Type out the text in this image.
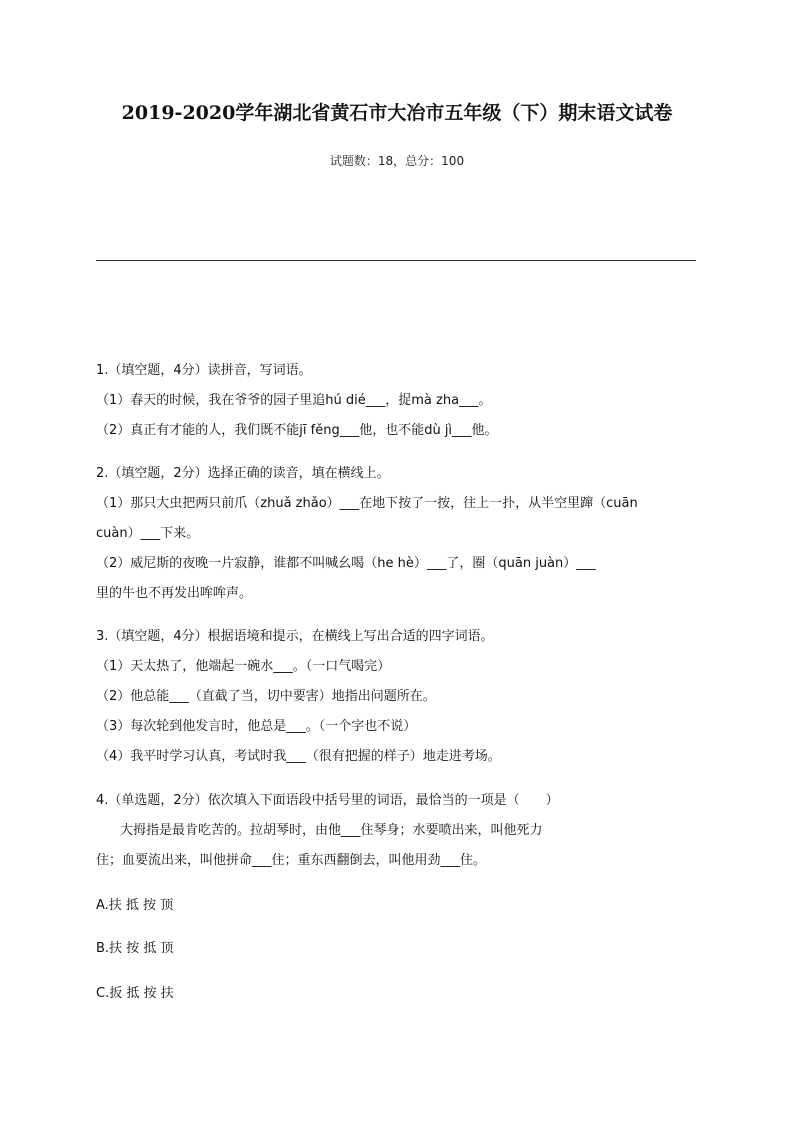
2019-2020学年湖北省黄石市大冶市五年级（下）期末语文试卷
试题数：18，总分：100
1.（填空题，4分）读拼音，写词语。
（1）春天的时候，我在爷爷的园子里追hú dié___，捉mà zha___。
（2）真正有才能的人，我们既不能jī fěng___他，也不能dù jì___他。
2.（填空题，2分）选择正确的读音，填在横线上。
（1）那只大虫把两只前爪（zhuǎ zhǎo）___在地下按了一按，往上一扑，从半空里蹿（cuān
cuàn）___下来。
（2）威尼斯的夜晚一片寂静，谁都不叫喊幺喝（he hè）___了，圈（quān juàn）___
里的牛也不再发出哞哞声。
3.（填空题，4分）根据语境和提示，在横线上写出合适的四字词语。
（1）天太热了，他端起一碗水___。（一口气喝完）
（2）他总能___（直截了当，切中要害）地指出问题所在。
（3）每次轮到他发言时，他总是___。（一个字也不说）
（4）我平时学习认真，考试时我___（很有把握的样子）地走进考场。
4.（单选题，2分）依次填入下面语段中括号里的词语，最恰当的一项是（　　）
大拇指是最肯吃苦的。拉胡琴时，由他___住琴身；水要喷出来，叫他死力
住；血要流出来，叫他拼命___住；重东西翻倒去，叫他用劲___住。
A.扶 抵 按 顶
B.扶 按 抵 顶
C.扳 抵 按 扶
